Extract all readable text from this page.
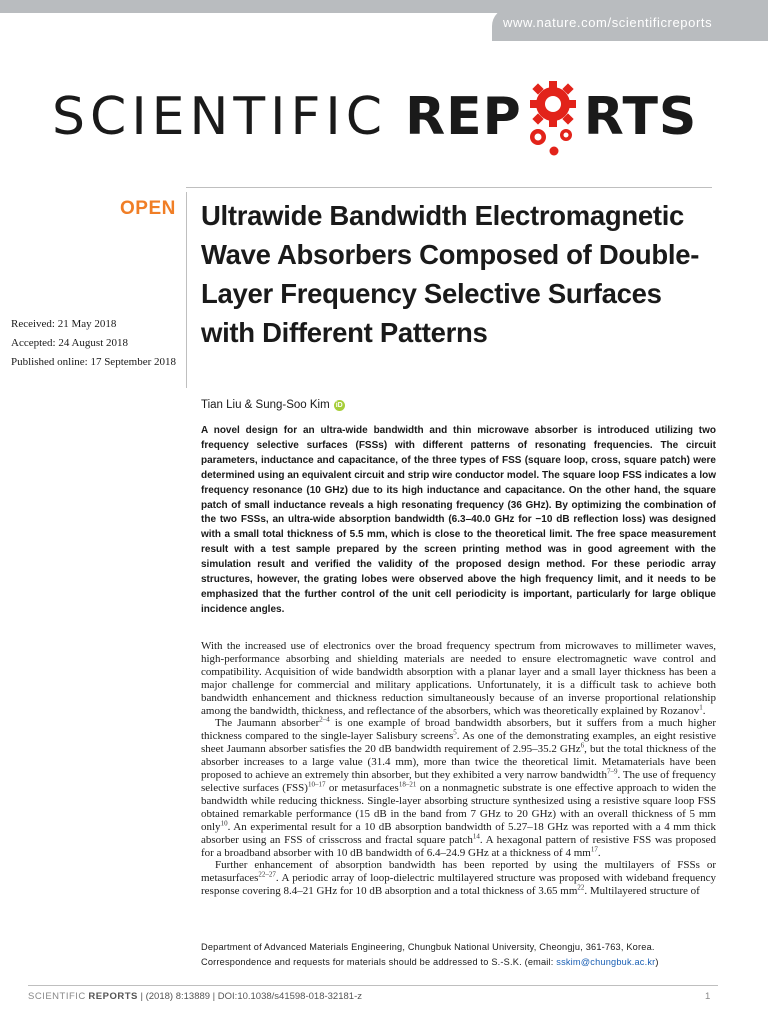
www.nature.com/scientificreports
SCIENTIFIC REP RTS
OPEN
Received: 21 May 2018
Accepted: 24 August 2018
Published online: 17 September 2018
Ultrawide Bandwidth Electromagnetic Wave Absorbers Composed of Double-Layer Frequency Selective Surfaces with Different Patterns
Tian Liu & Sung-Soo Kim iD

A novel design for an ultra-wide bandwidth and thin microwave absorber is introduced utilizing two frequency selective surfaces (FSSs) with different patterns of resonating frequencies. The circuit parameters, inductance and capacitance, of the three types of FSS (square loop, cross, square patch) were determined using an equivalent circuit and strip wire conductor model. The square loop FSS indicates a low frequency resonance (10 GHz) due to its high inductance and capacitance. On the other hand, the square patch of small inductance reveals a high resonating frequency (36 GHz). By optimizing the combination of the two FSSs, an ultra-wide absorption bandwidth (6.3–40.0 GHz for −10 dB reflection loss) was designed with a small total thickness of 5.5 mm, which is close to the theoretical limit. The free space measurement result with a test sample prepared by the screen printing method was in good agreement with the simulation result and verified the validity of the proposed design method. For these periodic array structures, however, the grating lobes were observed above the high frequency limit, and it needs to be emphasized that the further control of the unit cell periodicity is important, particularly for large oblique incidence angles.

With the increased use of electronics over the broad frequency spectrum from microwaves to millimeter waves, high-performance absorbing and shielding materials are needed to ensure electromagnetic wave control and compatibility. Acquisition of wide bandwidth absorption with a planar layer and a small layer thickness has been a major challenge for commercial and military applications. Unfortunately, it is a difficult task to achieve both bandwidth enhancement and thickness reduction simultaneously because of an inverse proportional relationship among the bandwidth, thickness, and reflectance of the absorbers, which was theoretically explained by Rozanov$^1$.

The Jaumann absorber$^{2-4}$ is one example of broad bandwidth absorbers, but it suffers from a much higher thickness compared to the single-layer Salisbury screens$^5$. As one of the demonstrating examples, an eight resistive sheet Jaumann absorber satisfies the 20 dB bandwidth requirement of 2.95–35.2 GHz$^6$, but the total thickness of the absorber increases to a large value (31.4 mm), more than twice the theoretical limit. Metamaterials have been proposed to achieve an extremely thin absorber, but they exhibited a very narrow bandwidth$^{7-9}$. The use of frequency selective surfaces (FSS)$^{10-17}$ or metasurfaces$^{18-21}$ on a nonmagnetic substrate is one effective approach to widen the bandwidth while reducing thickness. Single-layer absorbing structure synthesized using a resistive square loop FSS obtained remarkable performance (15 dB in the band from 7 GHz to 20 GHz) with an overall thickness of 5 mm only$^{10}$. An experimental result for a 10 dB absorption bandwidth of 5.27–18 GHz was reported with a 4 mm thick absorber using an FSS of crisscross and fractal square patch$^{14}$. A hexagonal pattern of resistive FSS was proposed for a broadband absorber with 10 dB bandwidth of 6.4–24.9 GHz at a thickness of 4 $mm^{17}$.

Further enhancement of absorption bandwidth has been reported by using the multilayers of FSSs or metasurfaces$^{22-27}$. A periodic array of loop-dielectric multilayered structure was proposed with wideband frequency response covering 8.4–21 GHz for 10 dB absorption and a total thickness of 3.65 $mm^{22}$. Multilayered structure of

Department of Advanced Materials Engineering, Chungbuk National University, Cheongju, 361-763, Korea.
Correspondence and requests for materials should be addressed to S.-S.K. (email: sskim@chungbuk.ac.kr)
SCIENTIFIC REPORTS | (2018) 8:13889 | DOI:10.1038/s41598-018-32181-z	1
